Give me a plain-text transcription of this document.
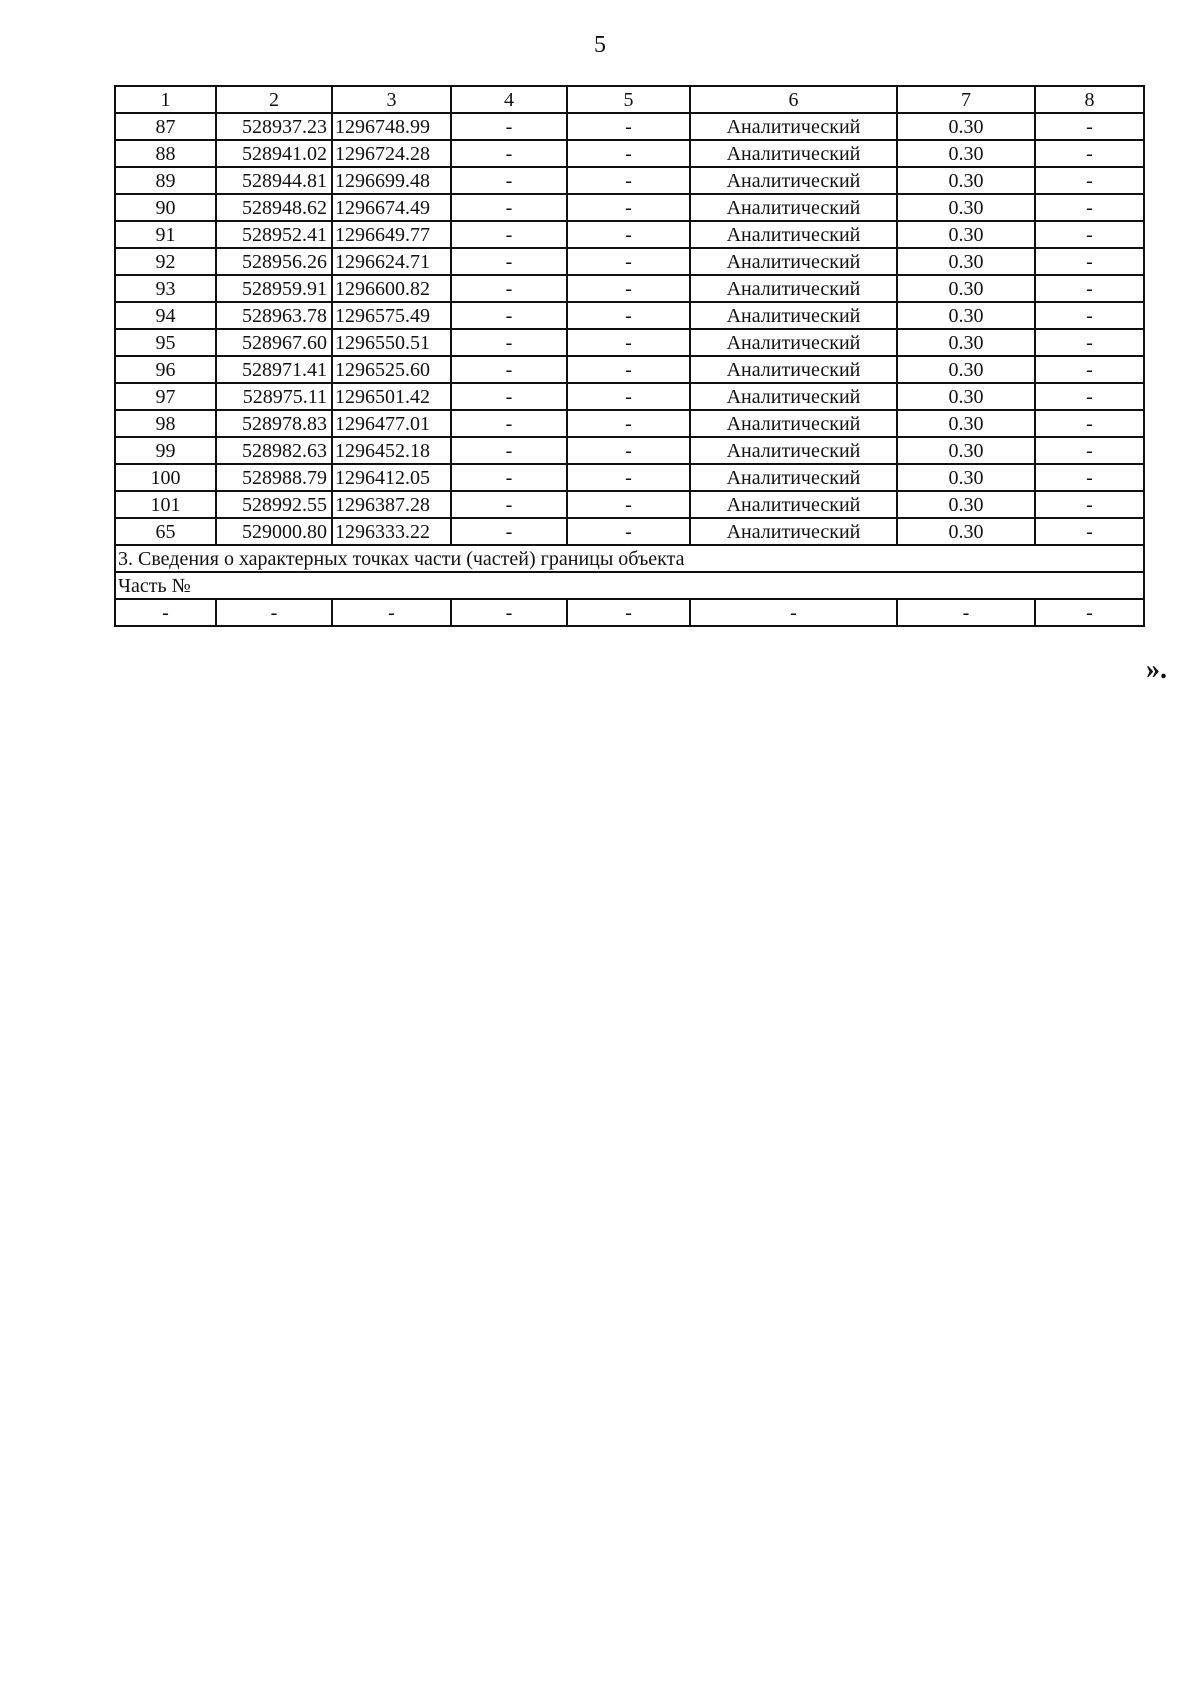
5
1	2	3	4	5	6	7	8
87	528937.23	1296748.99	-	-	Аналитический	0.30	-
88	528941.02	1296724.28	-	-	Аналитический	0.30	-
89	528944.81	1296699.48	-	-	Аналитический	0.30	-
90	528948.62	1296674.49	-	-	Аналитический	0.30	-
91	528952.41	1296649.77	-	-	Аналитический	0.30	-
92	528956.26	1296624.71	-	-	Аналитический	0.30	-
93	528959.91	1296600.82	-	-	Аналитический	0.30	-
94	528963.78	1296575.49	-	-	Аналитический	0.30	-
95	528967.60	1296550.51	-	-	Аналитический	0.30	-
96	528971.41	1296525.60	-	-	Аналитический	0.30	-
97	528975.11	1296501.42	-	-	Аналитический	0.30	-
98	528978.83	1296477.01	-	-	Аналитический	0.30	-
99	528982.63	1296452.18	-	-	Аналитический	0.30	-
100	528988.79	1296412.05	-	-	Аналитический	0.30	-
101	528992.55	1296387.28	-	-	Аналитический	0.30	-
65	529000.80	1296333.22	-	-	Аналитический	0.30	-
3. Сведения о характерных точках части (частей) границы объекта							
Часть №							
-	-	-	-	-	-	-	-
».
